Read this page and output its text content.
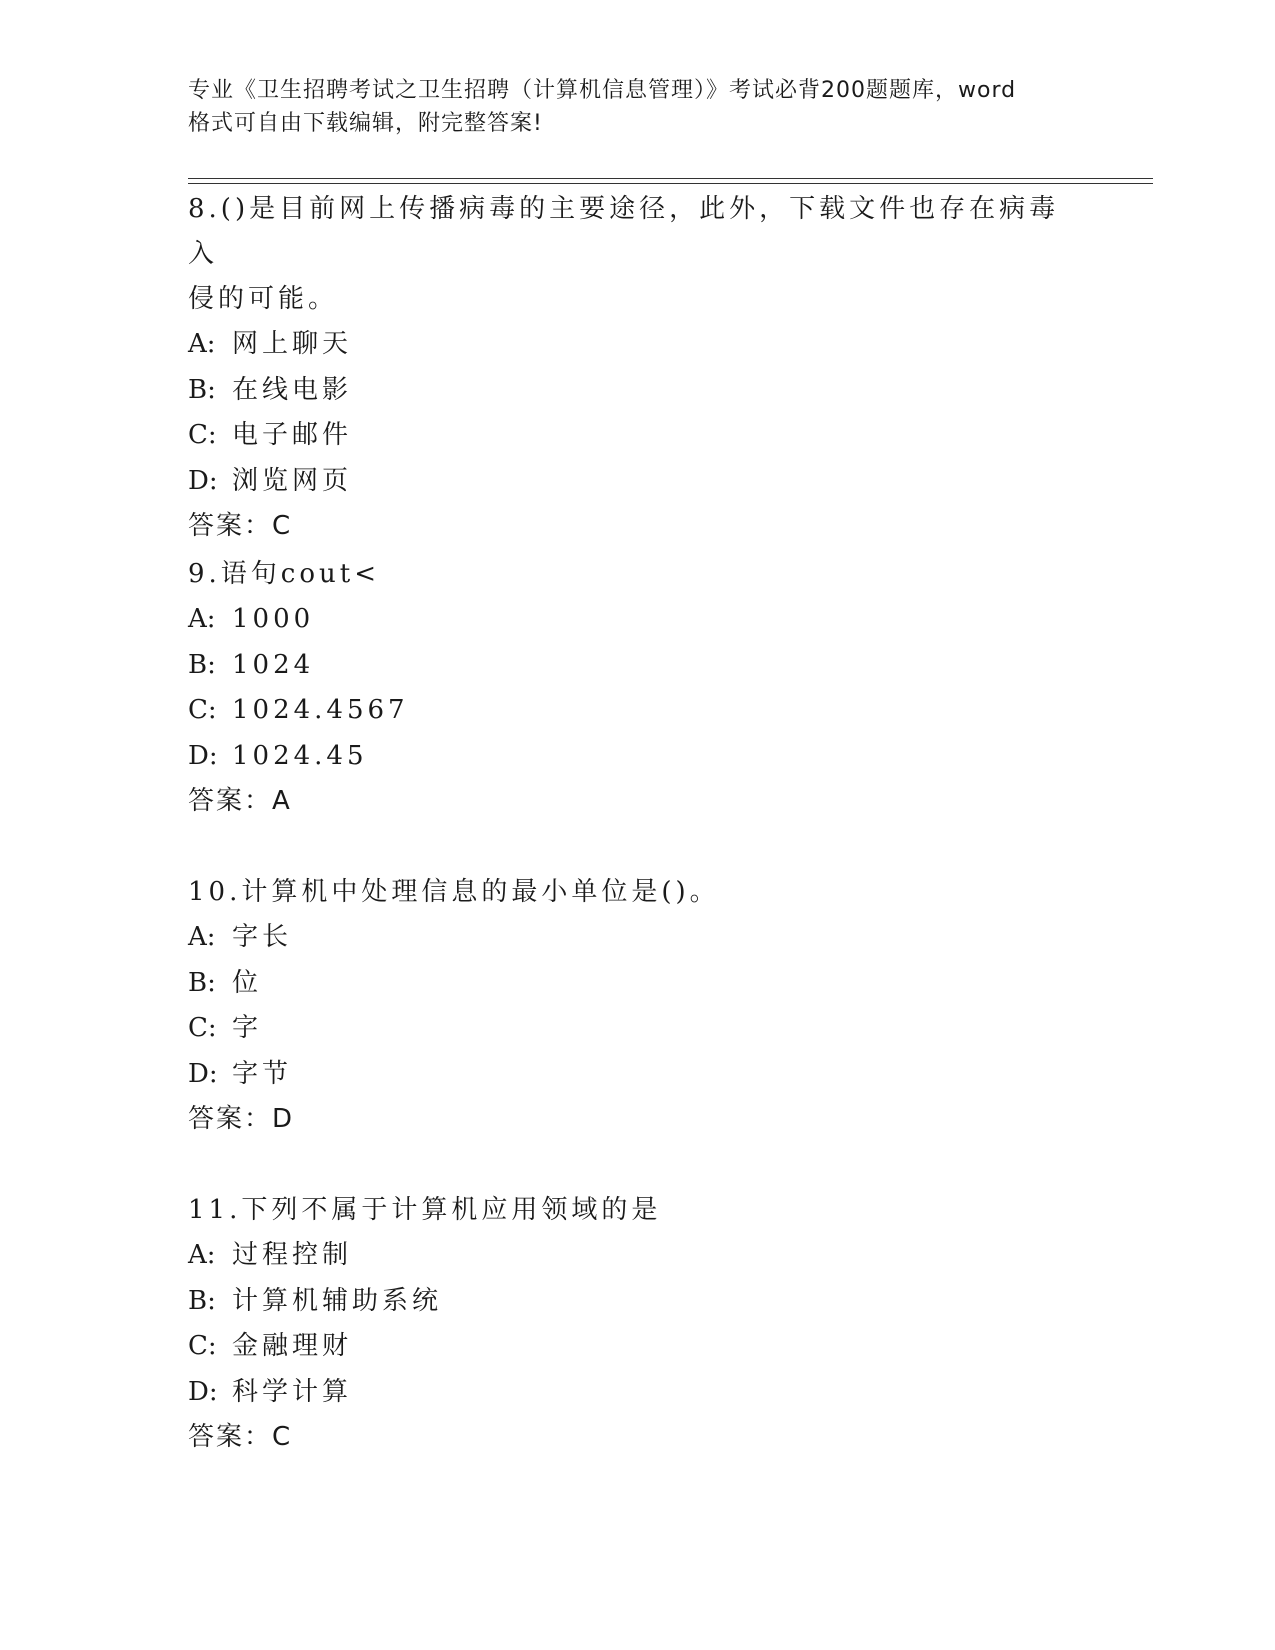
专业《卫生招聘考试之卫生招聘（计算机信息管理）》考试必背200题题库，word
格式可自由下载编辑，附完整答案!

8.()是目前网上传播病毒的主要途径，此外，下载文件也存在病毒入

侵的可能。

A: 网上聊天

B: 在线电影

C: 电子邮件

D: 浏览网页

答案：C

9.语句cout<

A: 1000

B: 1024

C: 1024.4567

D: 1024.45

答案：A

10.计算机中处理信息的最小单位是()。

A: 字长

B: 位

C: 字

D: 字节

答案：D

11.下列不属于计算机应用领域的是

A: 过程控制

B: 计算机辅助系统

C: 金融理财

D: 科学计算

答案：C
